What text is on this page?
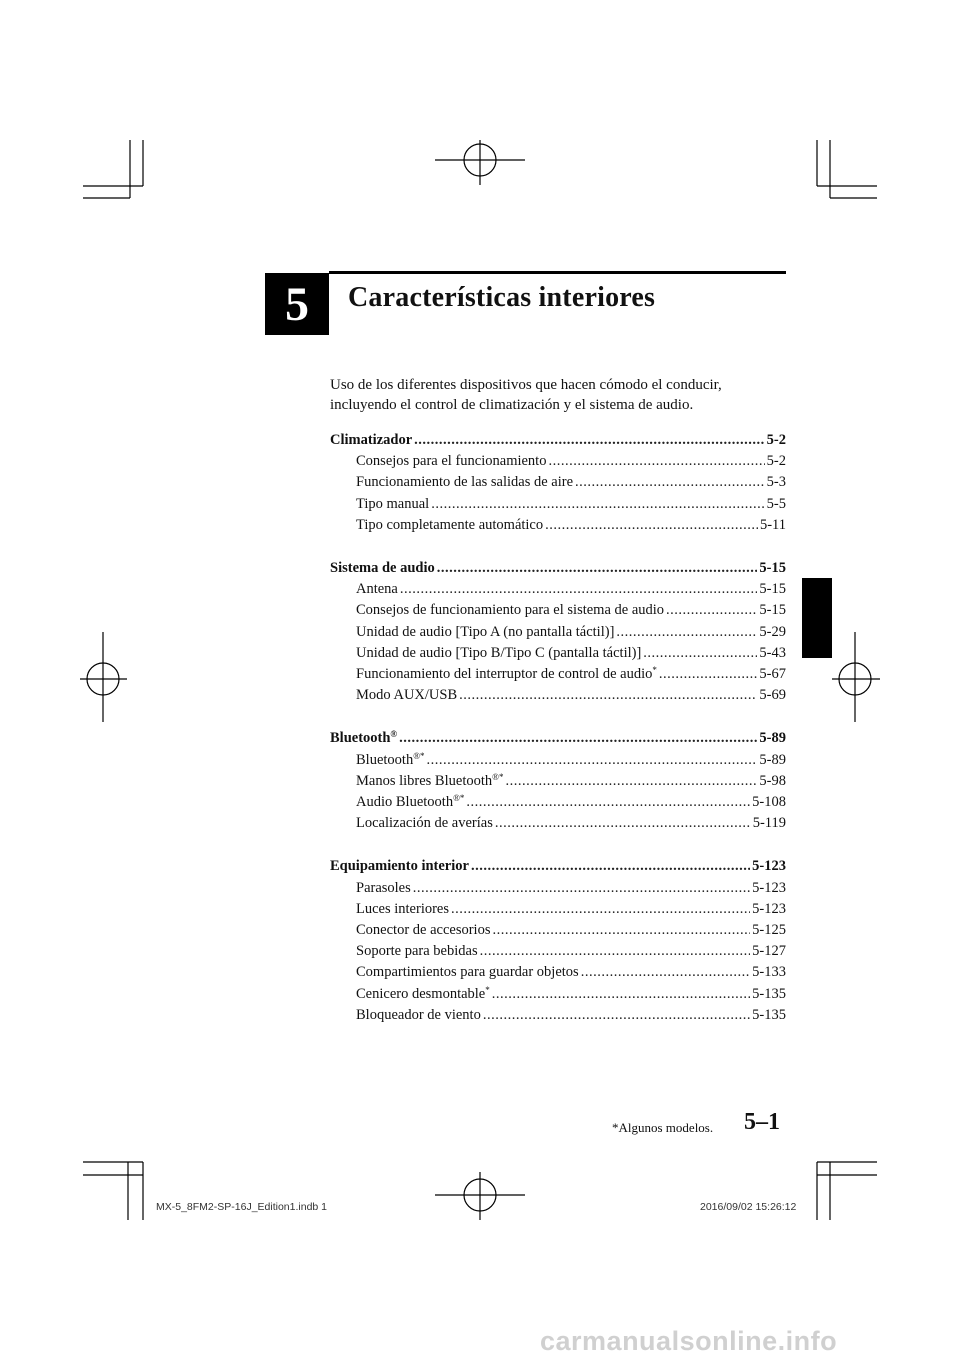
5	Características interiores
Uso de los diferentes dispositivos que hacen cómodo el conducir,
incluyendo el control de climatización y el sistema de audio.
Climatizador .....	5-2
Consejos para el funcionamiento .....	5-2
Funcionamiento de las salidas de aire .....	5-3
Tipo manual .....	5-5
Tipo completamente automático .....	5-11
Sistema de audio .....	5-15
Antena .....	5-15
Consejos de funcionamiento para el sistema de audio .....	5-15
Unidad de audio [Tipo A (no pantalla táctil)] .....	5-29
Unidad de audio [Tipo B/Tipo C (pantalla táctil)] .....	5-43
Funcionamiento del interruptor de control de audio* .....	5-67
Modo AUX/USB .....	5-69
Bluetooth® .....	5-89
Bluetooth®* .....	5-89
Manos libres Bluetooth®* .....	5-98
Audio Bluetooth®* .....	5-108
Localización de averías .....	5-119
Equipamiento interior .....	5-123
Parasoles .....	5-123
Luces interiores .....	5-123
Conector de accesorios .....	5-125
Soporte para bebidas .....	5-127
Compartimientos para guardar objetos .....	5-133
Cenicero desmontable* .....	5-135
Bloqueador de viento .....	5-135
*Algunos modelos. 5–1
MX-5_8FM2-SP-16J_Edition1.indb 1	2016/09/02 15:26:12
carmanualsonline.info
